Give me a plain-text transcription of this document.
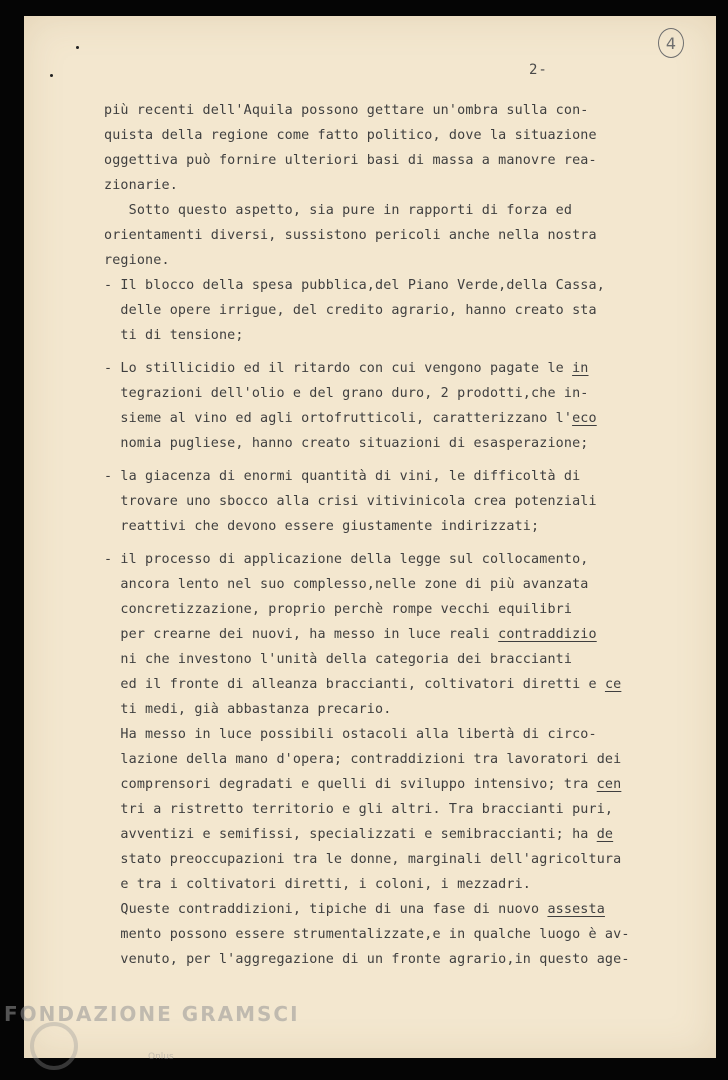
4
2-
più recenti dell'Aquila possono gettare un'ombra sulla con-
quista della regione come fatto politico, dove la situazione
oggettiva può fornire ulteriori basi di massa a manovre rea-
zionarie.
Sotto questo aspetto, sia pure in rapporti di forza ed
orientamenti diversi, sussistono pericoli anche nella nostra
regione.
- Il blocco della spesa pubblica,del Piano Verde,della Cassa,
delle opere irrigue, del credito agrario, hanno creato sta
ti di tensione;
- Lo stillicidio ed il ritardo con cui vengono pagate le in
tegrazioni dell'olio e del grano duro, 2 prodotti,che in-
sieme al vino ed agli ortofrutticoli, caratterizzano l'eco
nomia pugliese, hanno creato situazioni di esasperazione;
- la giacenza di enormi quantità di vini, le difficoltà di
trovare uno sbocco alla crisi vitivinicola crea potenziali
reattivi che devono essere giustamente indirizzati;
- il processo di applicazione della legge sul collocamento,
ancora lento nel suo complesso,nelle zone di più avanzata
concretizzazione, proprio perchè rompe vecchi equilibri
per crearne dei nuovi, ha messo in luce reali contraddizio
ni che investono l'unità della categoria dei braccianti
ed il fronte di alleanza braccianti, coltivatori diretti e ce
ti medi, già abbastanza precario.
Ha messo in luce possibili ostacoli alla libertà di circo-
lazione della mano d'opera; contraddizioni tra lavoratori dei
comprensori degradati e quelli di sviluppo intensivo; tra cen
tri a ristretto territorio e gli altri. Tra braccianti puri,
avventizi e semifissi, specializzati e semibraccianti; ha de
stato preoccupazioni tra le donne, marginali dell'agricoltura
e tra i coltivatori diretti, i coloni, i mezzadri.
Queste contraddizioni, tipiche di una fase di nuovo assesta
mento possono essere strumentalizzate,e in qualche luogo è av-
venuto, per l'aggregazione di un fronte agrario,in questo age-
FONDAZIONE GRAMSCI
Onlus
